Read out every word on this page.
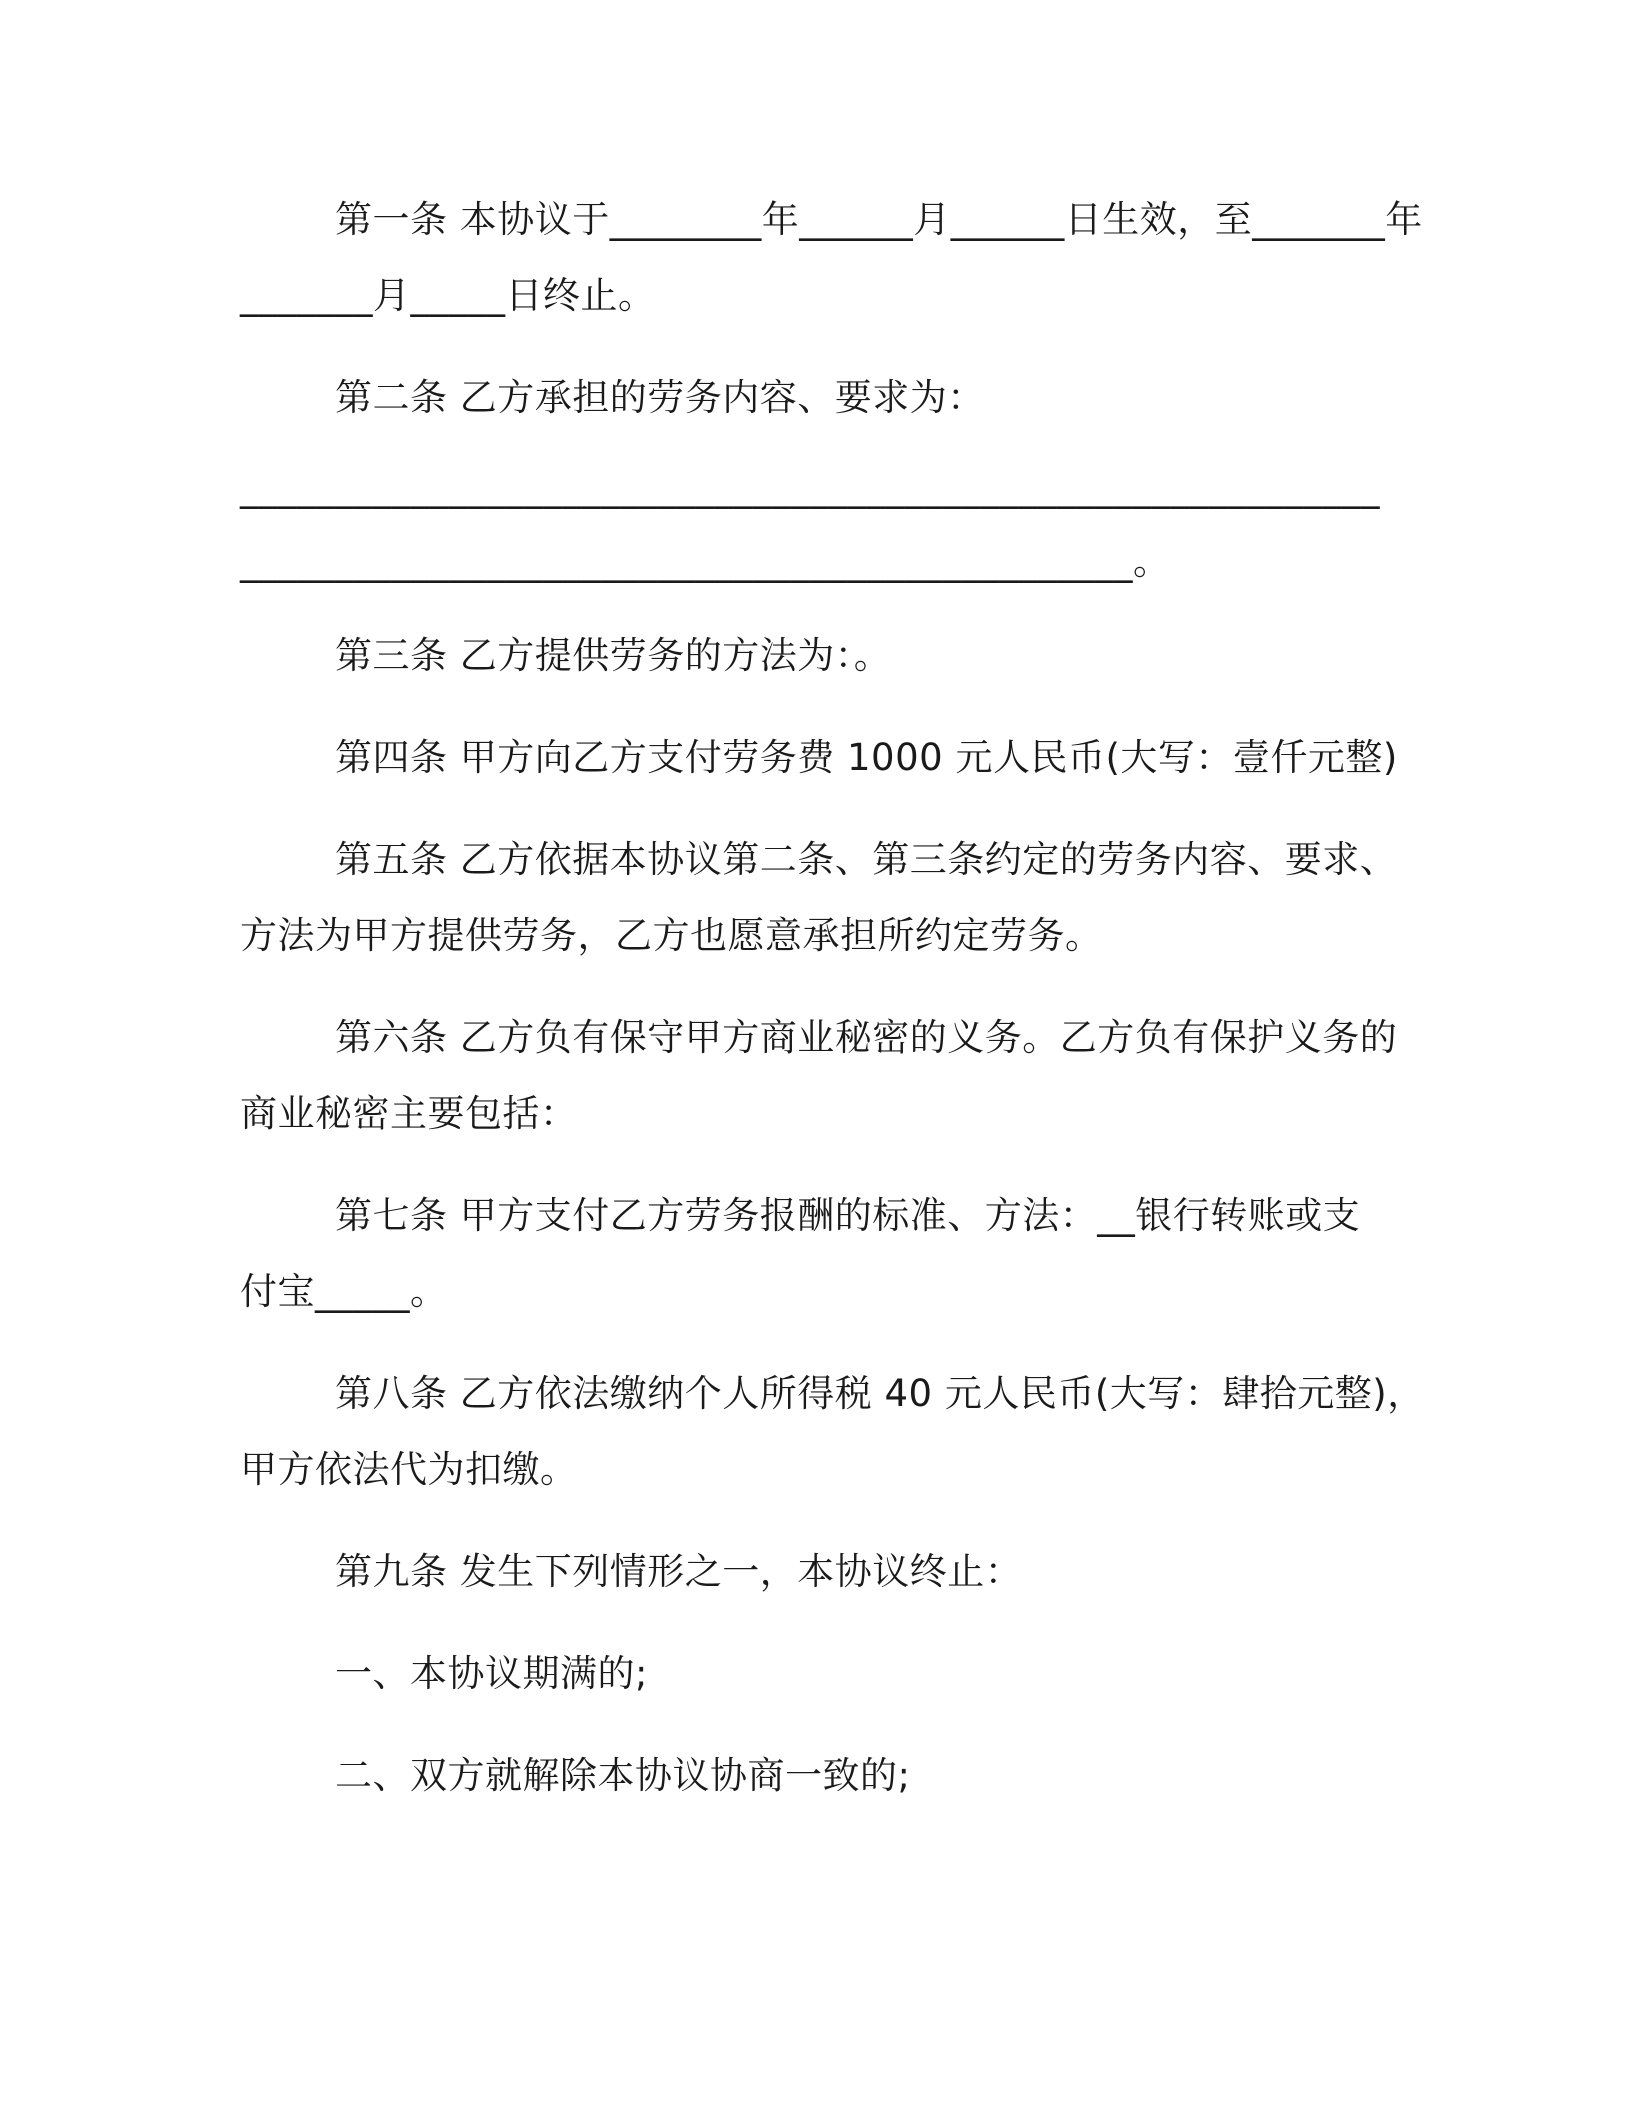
第一条 本协议于________年______月______日生效，至_______年
_______月_____日终止。
第二条 乙方承担的劳务内容、要求为：
____________________________________________________________
_______________________________________________。
第三条 乙方提供劳务的方法为：。
第四条 甲方向乙方支付劳务费 1000 元人民币(大写：壹仟元整)
第五条 乙方依据本协议第二条、第三条约定的劳务内容、要求、
方法为甲方提供劳务，乙方也愿意承担所约定劳务。
第六条 乙方负有保守甲方商业秘密的义务。乙方负有保护义务的
商业秘密主要包括：
第七条 甲方支付乙方劳务报酬的标准、方法：__银行转账或支
付宝_____。
第八条 乙方依法缴纳个人所得税 40 元人民币(大写：肆拾元整)，
甲方依法代为扣缴。
第九条 发生下列情形之一，本协议终止：
一、本协议期满的;
二、双方就解除本协议协商一致的;
